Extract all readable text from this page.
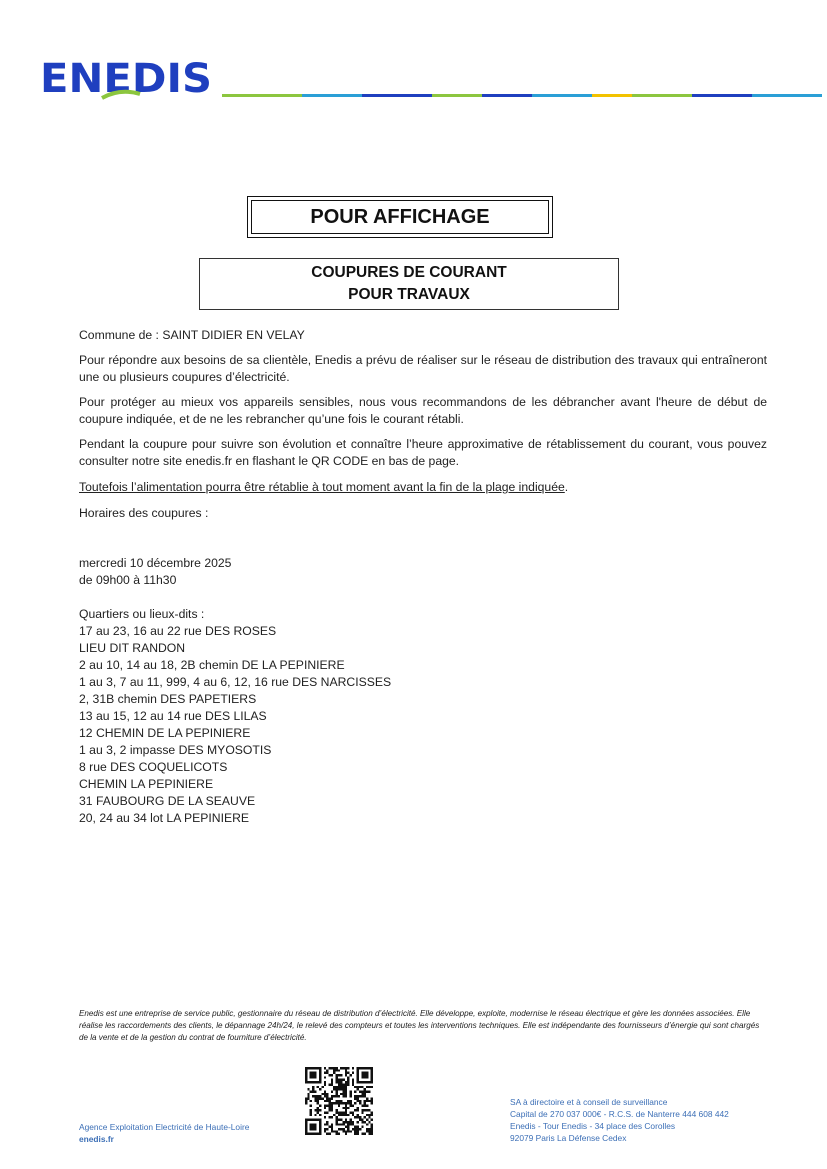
ENEDIS
POUR AFFICHAGE
COUPURES DE COURANT
POUR TRAVAUX
Commune de : SAINT DIDIER EN VELAY
Pour répondre aux besoins de sa clientèle, Enedis a prévu de réaliser sur le réseau de distribution des travaux qui entraîneront une ou plusieurs coupures d’électricité.
Pour protéger au mieux vos appareils sensibles, nous vous recommandons de les débrancher avant l'heure de début de coupure indiquée, et de ne les rebrancher qu’une fois le courant rétabli.
Pendant la coupure pour suivre son évolution et connaître l’heure approximative de rétablissement du courant, vous pouvez consulter notre site enedis.fr en flashant le QR CODE en bas de page.
Toutefois l’alimentation pourra être rétablie à tout moment avant la fin de la plage indiquée.
Horaires des coupures :
mercredi 10 décembre 2025
de 09h00 à 11h30
Quartiers ou lieux-dits :
17 au 23, 16 au 22 rue DES ROSES
LIEU DIT RANDON
2 au 10, 14 au 18, 2B chemin DE LA PEPINIERE
1 au 3, 7 au 11, 999, 4 au 6, 12, 16 rue DES NARCISSES
2, 31B chemin DES PAPETIERS
13 au 15, 12 au 14 rue DES LILAS
12 CHEMIN DE LA PEPINIERE
1 au 3, 2 impasse DES MYOSOTIS
8 rue DES COQUELICOTS
CHEMIN LA PEPINIERE
31 FAUBOURG DE LA SEAUVE
20, 24 au 34 lot LA PEPINIERE
Enedis est une entreprise de service public, gestionnaire du réseau de distribution d’électricité. Elle développe, exploite, modernise le réseau électrique et gère les données associées. Elle réalise les raccordements des clients, le dépannage 24h/24, le relevé des compteurs et toutes les interventions techniques. Elle est indépendante des fournisseurs d’énergie qui sont chargés de la vente et de la gestion du contrat de fourniture d’électricité.
Agence Exploitation Electricité de Haute-Loire
enedis.fr
SA à directoire et à conseil de surveillance
Capital de 270 037 000€ - R.C.S. de Nanterre 444 608 442
Enedis - Tour Enedis - 34 place des Corolles
92079 Paris La Défense Cedex
